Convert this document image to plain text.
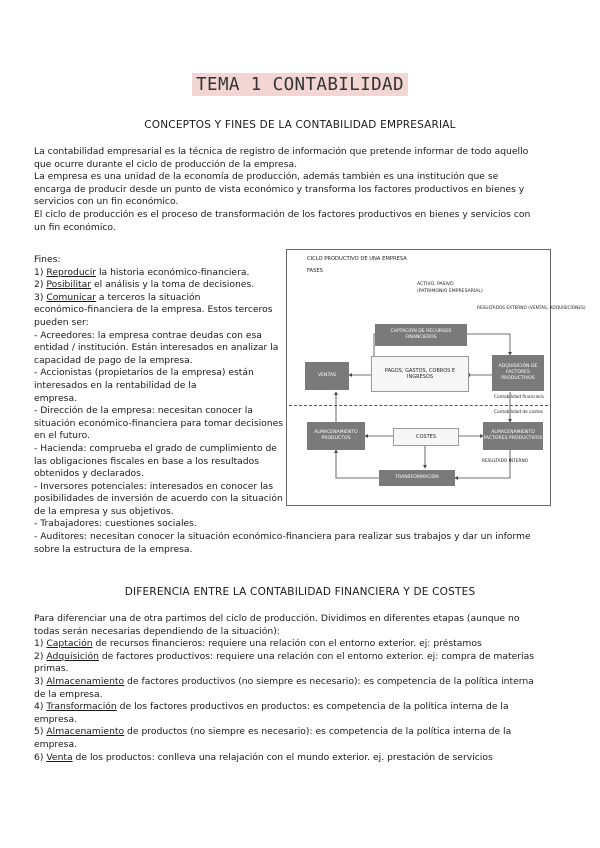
TEMA 1 CONTABILIDAD
CONCEPTOS Y FINES DE LA CONTABILIDAD EMPRESARIAL
La contabilidad empresarial es la técnica de registro de información que pretende informar de todo aquello
que ocurre durante el ciclo de producción de la empresa.
La empresa es una unidad de la economía de producción, además también es una institución que se
encarga de producir desde un punto de vista económico y transforma los factores productivos en bienes y
servicios con un fin económico.
El ciclo de producción es el proceso de transformación de los factores productivos en bienes y servicios con
un fin económico.
Fines:
1) Reproducir la historia económico-financiera.
2) Posibilitar el análisis y la toma de decisiones.
3) Comunicar a terceros la situación
económico-financiera de la empresa. Estos terceros
pueden ser:
- Acreedores: la empresa contrae deudas con esa
entidad / institución. Están interesados en analizar la
capacidad de pago de la empresa.
- Accionistas (propietarios de la empresa) están
interesados en la rentabilidad de la
empresa.
- Dirección de la empresa: necesitan conocer la
situación económico-financiera para tomar decisiones
en el futuro.
- Hacienda: comprueba el grado de cumplimiento de
las obligaciones fiscales en base a los resultados
obtenidos y declarados.
- Inversores potenciales: interesados en conocer las
posibilidades de inversión de acuerdo con la situación
de la empresa y sus objetivos.
- Trabajadores: cuestiones sociales.
- Auditores: necesitan conocer la situación económico-financiera para realizar sus trabajos y dar un informe
sobre la estructura de la empresa.
CICLO PRODUCTIVO DE UNA EMPRESA
FASES
ACTIVO, PASIVO
(PATRIMONIO EMPRESARIAL)
CAPTACIÓN DE RECURSOS FINANCIEROS
VENTAS
PAGOS, GASTOS, COBROS E INGRESOS
ADQUISICIÓN DE FACTORES PRODUCTIVOS
RESULTADOS EXTERNO (VENTAS, ADQUISICIONES)
Contabilidad financiera
Contabilidad de costes
ALMACENAMIENTO PRODUCTOS	COSTES
ALMACENAMIENTO FACTORES PRODUCTIVOS
RESULTADO INTERNO
TRANSFORMACIÓN
DIFERENCIA ENTRE LA CONTABILIDAD FINANCIERA Y DE COSTES
Para diferenciar una de otra partimos del ciclo de producción. Dividimos en diferentes etapas (aunque no
todas serán necesarias dependiendo de la situación):
1) Captación de recursos financieros: requiere una relación con el entorno exterior. ej: préstamos
2) Adquisición de factores productivos: requiere una relación con el entorno exterior. ej: compra de materias
primas.
3) Almacenamiento de factores productivos (no siempre es necesario): es competencia de la política interna
de la empresa.
4) Transformación de los factores productivos en productos: es competencia de la política interna de la
empresa.
5) Almacenamiento de productos (no siempre es necesario): es competencia de la política interna de la
empresa.
6) Venta de los productos: conlleva una relajación con el mundo exterior. ej. prestación de servicios
